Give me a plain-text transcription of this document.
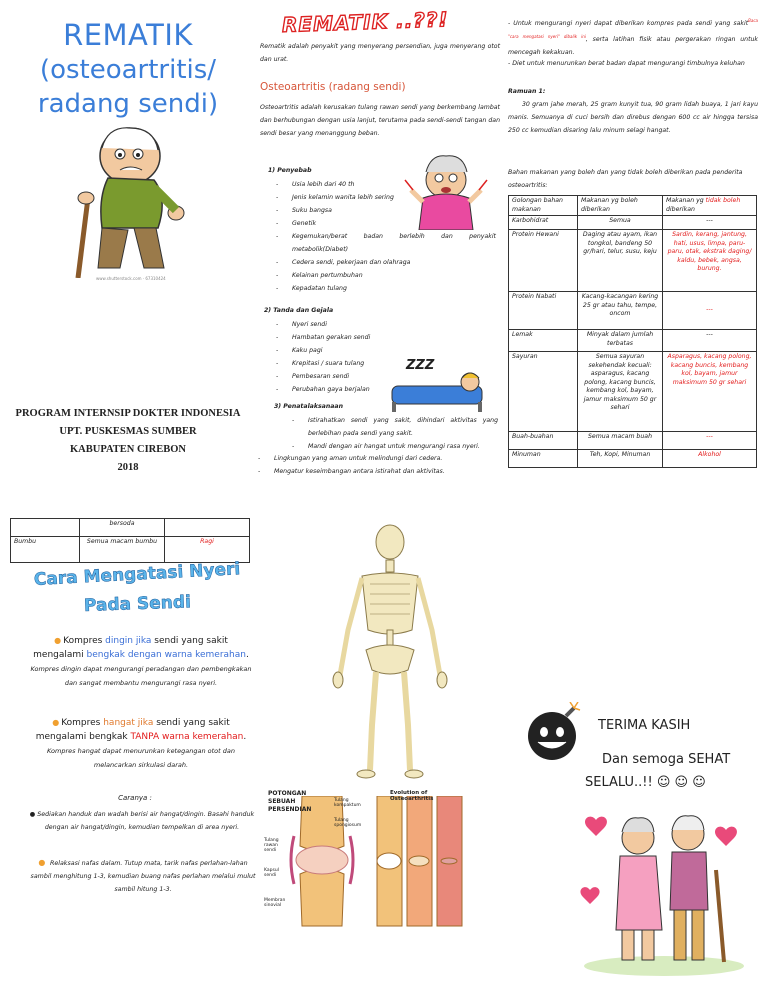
REMATIK
(osteoartritis/
radang sendi)
www.shutterstock.com · 67310424
PROGRAM INTERNSIP DOKTER INDONESIA
UPT. PUSKESMAS SUMBER
KABUPATEN CIREBON
2018
REMATIK ..??!
Rematik adalah penyakit yang menyerang persendian, juga menyerang otot dan urat.
Osteoartritis (radang sendi)
Osteoartritis adalah kerusakan tulang rawan sendi yang berkembang lambat dan berhubungan dengan usia lanjut, terutama pada sendi-sendi tangan dan sendi besar yang menanggung beban.
1) Penyebab
- Usia lebih dari 40 th
- Jenis kelamin wanita lebih sering
- Suku bangsa
- Genetik
- Kegemukan/berat badan berlebih dan penyakit metabolik(Diabet)
- Cedera sendi, pekerjaan dan olahraga
- Kelainan pertumbuhan
- Kepadatan tulang
2) Tanda dan Gejala
- Nyeri sendi
- Hambatan gerakan sendi
- Kaku pagi
- Krepitasi / suara tulang
- Pembesaran sendi
- Perubahan gaya berjalan
ZZZ
3) Penatalaksanaan
- Istirahatkan sendi yang sakit, dihindari aktivitas yang berlebihan pada sendi yang sakit.
- Mandi dengan air hangat untuk mengurangi rasa nyeri.
- Lingkungan yang aman untuk melindungi dari cedera.
- Mengatur keseimbangan antara istirahat dan aktivitas.
- Untuk mengurangi nyeri dapat diberikan kompres pada sendi yang sakit$^{Baca "cara mengatasi nyeri" dibalik ini}$, serta latihan fisik atau pergerakan ringan untuk mencegah kekakuan.
- Diet untuk menurunkan berat badan dapat mengurangi timbulnya keluhan
Ramuan 1:
30 gram jahe merah, 25 gram kunyit tua, 90 gram lidah buaya, 1 jari kayu manis. Semuanya di cuci bersih dan direbus dengan 600 cc air hingga tersisa 250 cc kemudian disaring lalu minum selagi hangat.
Bahan makanan yang boleh dan yang tidak boleh diberikan pada penderita osteoartritis:
Golongan bahan makanan	Makanan yg boleh diberikan	Makanan yg tidak boleh diberikan
Karbohidrat	Semua	---
Protein Hewani	Daging atau ayam, ikan tongkol, bandeng 50 gr/hari, telur, susu, keju	Sardin, kerang, jantung, hati, usus, limpa, paru-paru, otak, ekstrak daging/ kaldu, bebek, angsa, burung.
Protein Nabati	Kacang-kacangan kering 25 gr atau tahu, tempe, oncom	---
Lemak	Minyak dalam jumlah terbatas	---
Sayuran	Semua sayuran sekehendak kecuali: asparagus, kacang polong, kacang buncis, kembang kol, bayam, jamur maksimum 50 gr sehari	Asparagus, kacang polong, kacang buncis, kembang kol, bayam, jamur maksimum 50 gr sehari
Buah-buahan	Semua macam buah	---
Minuman	Teh, Kopi, Minuman	Alkohol
	bersoda	
Bumbu	Semua macam bumbu	Ragi
Cara Mengatasi Nyeri
Pada Sendi
● Kompres dingin jika sendi yang sakit mengalami bengkak dengan warna kemerahan. Kompres dingin dapat mengurangi peradangan dan pembengkakan dan sangat membantu mengurangi rasa nyeri.
● Kompres hangat jika sendi yang sakit mengalami bengkak TANPA warna kemerahan. Kompres hangat dapat menurunkan ketegangan otot dan melancarkan sirkulasi darah.
Caranya :
● Sediakan handuk dan wadah berisi air hangat/dingin. Basahi handuk dengan air hangat/dingin, kemudian tempelkan di area nyeri.
● Relaksasi nafas dalam. Tutup mata, tarik nafas perlahan-lahan sambil menghitung 1-3, kemudian buang nafas perlahan melalui mulut sambil hitung 1-3.
POTONGAN
SEBUAH
PERSENDIAN
Evolution of Osteoarthritis
Tulang kompaktum
Tulang spongiosum
Tulang rawan sendi
Kapsul sendi
Membran sinovial
TERIMA KASIH
Dan semoga SEHAT
SELALU..!! ☺ ☺ ☺
